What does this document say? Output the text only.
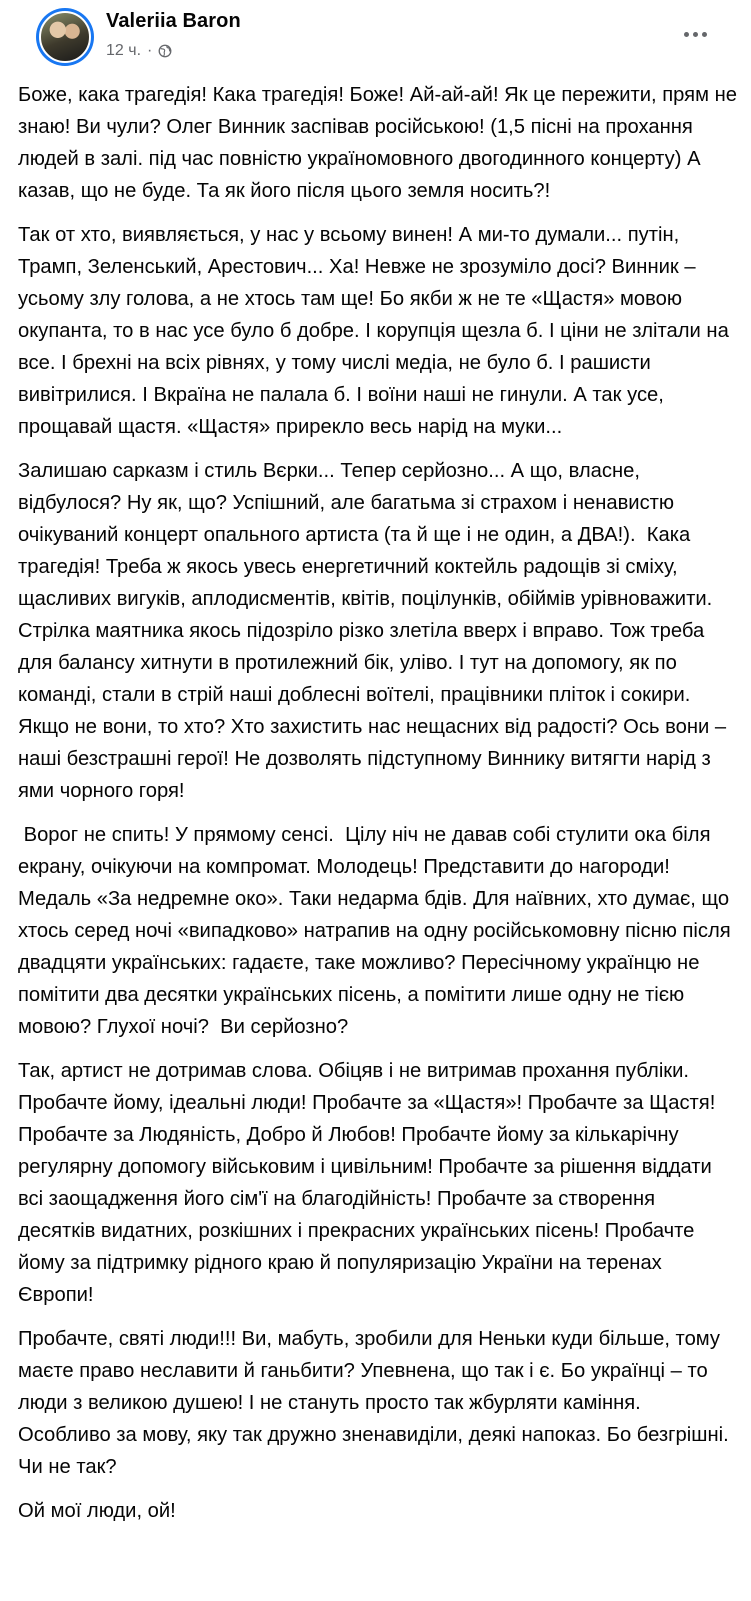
Valeriia Baron
12 ч. ·

Боже, кака трагедія! Кака трагедія! Боже! Ай-ай-ай! Як це пережити, прям не знаю! Ви чули? Олег Винник заспівав російською! (1,5 пісні на прохання людей в залі. під час повністю україномовного двогодинного концерту) А казав, що не буде. Та як його після цього земля носить?!

Так от хто, виявляється, у нас у всьому винен! А ми-то думали... путін, Трамп, Зеленський, Арестович... Ха! Невже не зрозуміло досі? Винник – усьому злу голова, а не хтось там ще! Бо якби ж не те «Щастя» мовою окупанта, то в нас усе було б добре. І корупція щезла б. І ціни не злітали на все. І брехні на всіх рівнях, у тому числі медіа, не було б. І рашисти вивітрилися. І Вкраїна не палала б. І воїни наші не гинули. А так усе, прощавай щастя. «Щастя» прирекло весь нарід на муки...

Залишаю сарказм і стиль Вєрки... Тепер серйозно... А що, власне, відбулося? Ну як, що? Успішний, але багатьма зі страхом і ненавистю очікуваний концерт опального артиста (та й ще і не один, а ДВА!).  Кака трагедія! Треба ж якось увесь енергетичний коктейль радощів зі сміху, щасливих вигуків, аплодисментів, квітів, поцілунків, обіймів урівноважити. Стрілка маятника якось підозріло різко злетіла вверх і вправо. Тож треба для балансу хитнути в протилежний бік, уліво. І тут на допомогу, як по команді, стали в стрій наші доблесні воїтелі, працівники пліток і сокири. Якщо не вони, то хто? Хто захистить нас нещасних від радості? Ось вони – наші безстрашні герої! Не дозволять підступному Виннику витягти нарід з ями чорного горя!

Ворог не спить! У прямому сенсі.  Цілу ніч не давав собі стулити ока біля екрану, очікуючи на компромат. Молодець! Представити до нагороди! Медаль «За недремне око». Таки недарма бдів. Для наївних, хто думає, що хтось серед ночі «випадково» натрапив на одну російськомовну пісню після двадцяти українських: гадаєте, таке можливо? Пересічному українцю не помітити два десятки українських пісень, а помітити лише одну не тією мовою? Глухої ночі?  Ви серйозно?

Так, артист не дотримав слова. Обіцяв і не витримав прохання публіки. Пробачте йому, ідеальні люди! Пробачте за «Щастя»! Пробачте за Щастя! Пробачте за Людяність, Добро й Любов! Пробачте йому за кількарічну регулярну допомогу військовим і цивільним! Пробачте за рішення віддати всі заощадження його сім'ї на благодійність! Пробачте за створення десятків видатних, розкішних і прекрасних українських пісень! Пробачте йому за підтримку рідного краю й популяризацію України на теренах Європи!

Пробачте, святі люди!!! Ви, мабуть, зробили для Неньки куди більше, тому маєте право неславити й ганьбити? Упевнена, що так і є. Бо українці – то люди з великою душею! І не стануть просто так жбурляти каміння. Особливо за мову, яку так дружно зненавиділи, деякі напоказ. Бо безгрішні. Чи не так?

Ой мої люди, ой!
